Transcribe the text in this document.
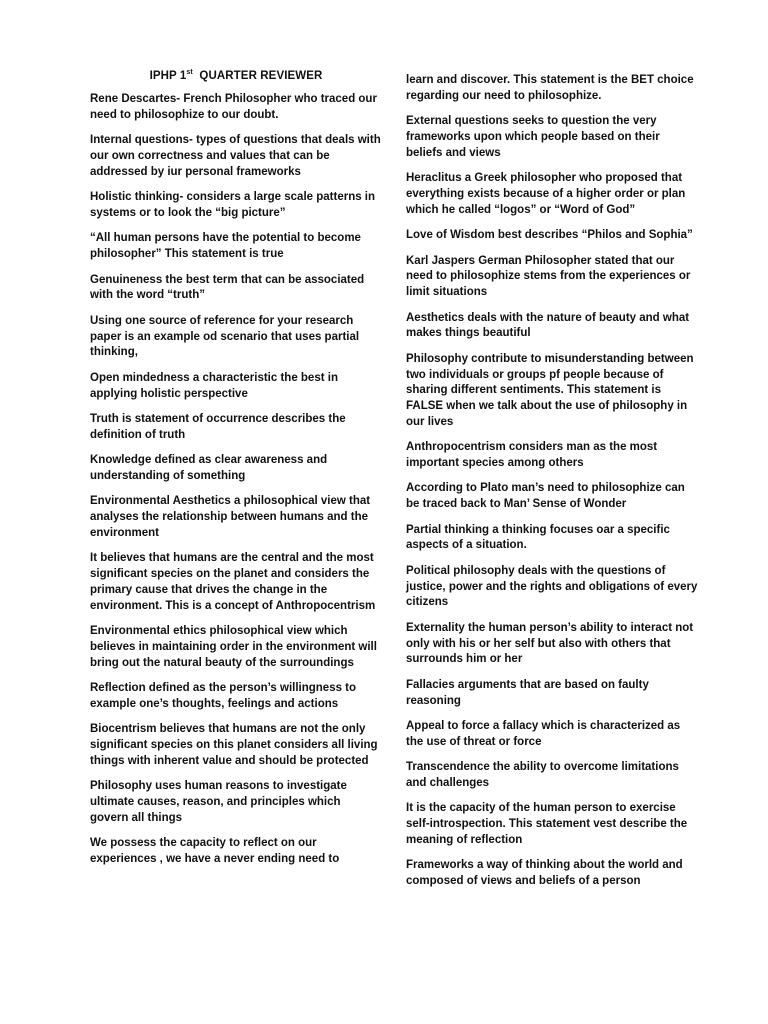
IPHP 1st  QUARTER REVIEWER

Rene Descartes- French Philosopher who traced our need to philosophize to our doubt.

Internal questions- types of questions that deals with our own correctness and values that can be addressed by iur personal frameworks

Holistic thinking- considers a large scale patterns in systems or to look the “big picture”

“All human persons have the potential to become philosopher” This statement is true

Genuineness the best term that can be associated with the word “truth”

Using one source of reference for your research paper is an example od scenario that uses partial thinking,

Open mindedness a characteristic the best in applying holistic perspective

Truth is statement of occurrence describes the definition of truth

Knowledge defined as clear awareness and understanding of something

Environmental Aesthetics a philosophical view that analyses the relationship between humans and the environment

It believes that humans are the central and the most significant species on the planet and considers the primary cause that drives the change in the environment. This is a concept of Anthropocentrism

Environmental ethics philosophical view which believes in maintaining order in the environment will bring out the natural beauty of the surroundings

Reflection defined as the person’s willingness to example one’s thoughts, feelings and actions

Biocentrism believes that humans are not the only significant species on this planet considers all living things with inherent value and should be protected

Philosophy uses human reasons to investigate ultimate causes, reason, and principles which govern all things

We possess the capacity to reflect on our experiences , we have a never ending need to

learn and discover. This statement is the BET choice regarding our need to philosophize.

External questions seeks to question the very frameworks upon which people based on their beliefs and views

Heraclitus a Greek philosopher who proposed that everything exists because of a higher order or plan which he called “logos” or “Word of God”

Love of Wisdom best describes “Philos and Sophia”

Karl Jaspers German Philosopher stated that our need to philosophize stems from the experiences or limit situations

Aesthetics deals with the nature of beauty and what makes things beautiful

Philosophy contribute to misunderstanding between two individuals or groups pf people because of sharing different sentiments. This statement is FALSE when we talk about the use of philosophy in our lives

Anthropocentrism considers man as the most important species among others

According to Plato man’s need to philosophize can be traced back to Man’ Sense of Wonder

Partial thinking a thinking focuses oar a specific aspects of a situation.

Political philosophy deals with the questions of justice, power and the rights and obligations of every citizens

Externality the human person’s ability to interact not only with his or her self but also with others that surrounds him or her

Fallacies arguments that are based on faulty reasoning

Appeal to force a fallacy which is characterized as the use of threat or force

Transcendence the ability to overcome limitations and challenges

It is the capacity of the human person to exercise self-introspection. This statement vest describe the meaning of reflection

Frameworks a way of thinking about the world and composed of views and beliefs of a person
